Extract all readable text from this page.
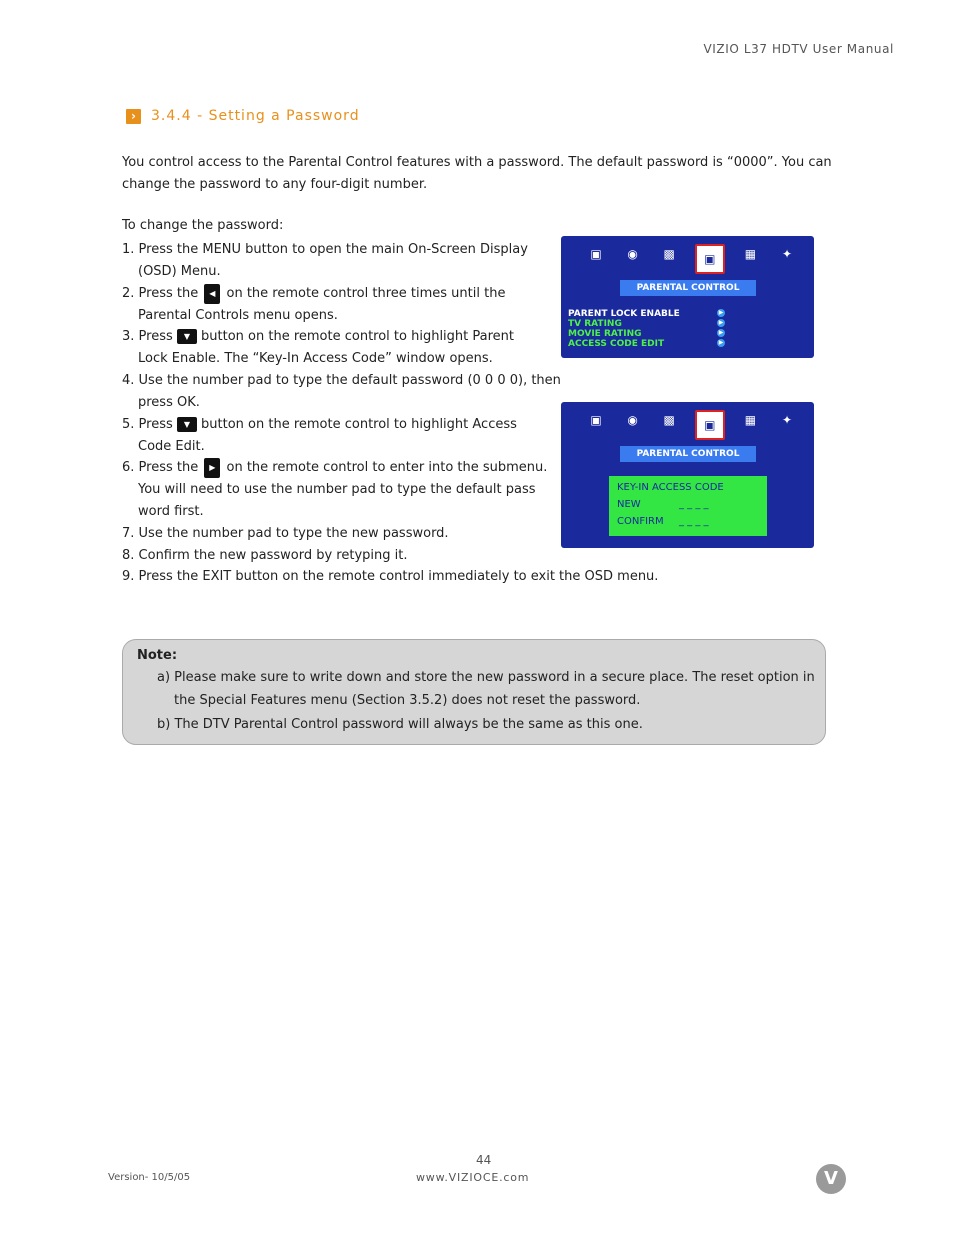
VIZIO L37 HDTV User Manual
›	3.4.4 - Setting a Password
You control access to the Parental Control features with a password. The default password is “0000”. You can change the password to any four-digit number.
To change the password:
1. Press the MENU button to open the main On-Screen Display
(OSD) Menu.
2. Press the ◀ on the remote control three times until the
Parental Controls menu opens.
3. Press ▼ button on the remote control to highlight Parent
Lock Enable. The “Key-In Access Code” window opens.
4. Use the number pad to type the default password (0 0 0 0), then
press OK.
5. Press ▼ button on the remote control to highlight Access
Code Edit.
6. Press the ▶ on the remote control to enter into the submenu.
You will need to use the number pad to type the default pass
word first.
7. Use the number pad to type the new password.
8. Confirm the new password by retyping it.
9. Press the EXIT button on the remote control immediately to exit the OSD menu.
▣	◉	▩	▣	▦	✦
PARENTAL CONTROL
PARENT LOCK ENABLE
TV RATING
MOVIE RATING
ACCESS CODE EDIT
▶
▶
▶
▶
▣	◉	▩	▣	▦	✦
PARENTAL CONTROL
KEY-IN ACCESS CODE
NEW	_ _ _ _
CONFIRM _ _ _ _
Note:
a) Please make sure to write down and store the new password in a secure place. The reset option in
the Special Features menu (Section 3.5.2) does not reset the password.
b) The DTV Parental Control password will always be the same as this one.
44
Version- 10/5/05	www.VIZIOCE.com	V
